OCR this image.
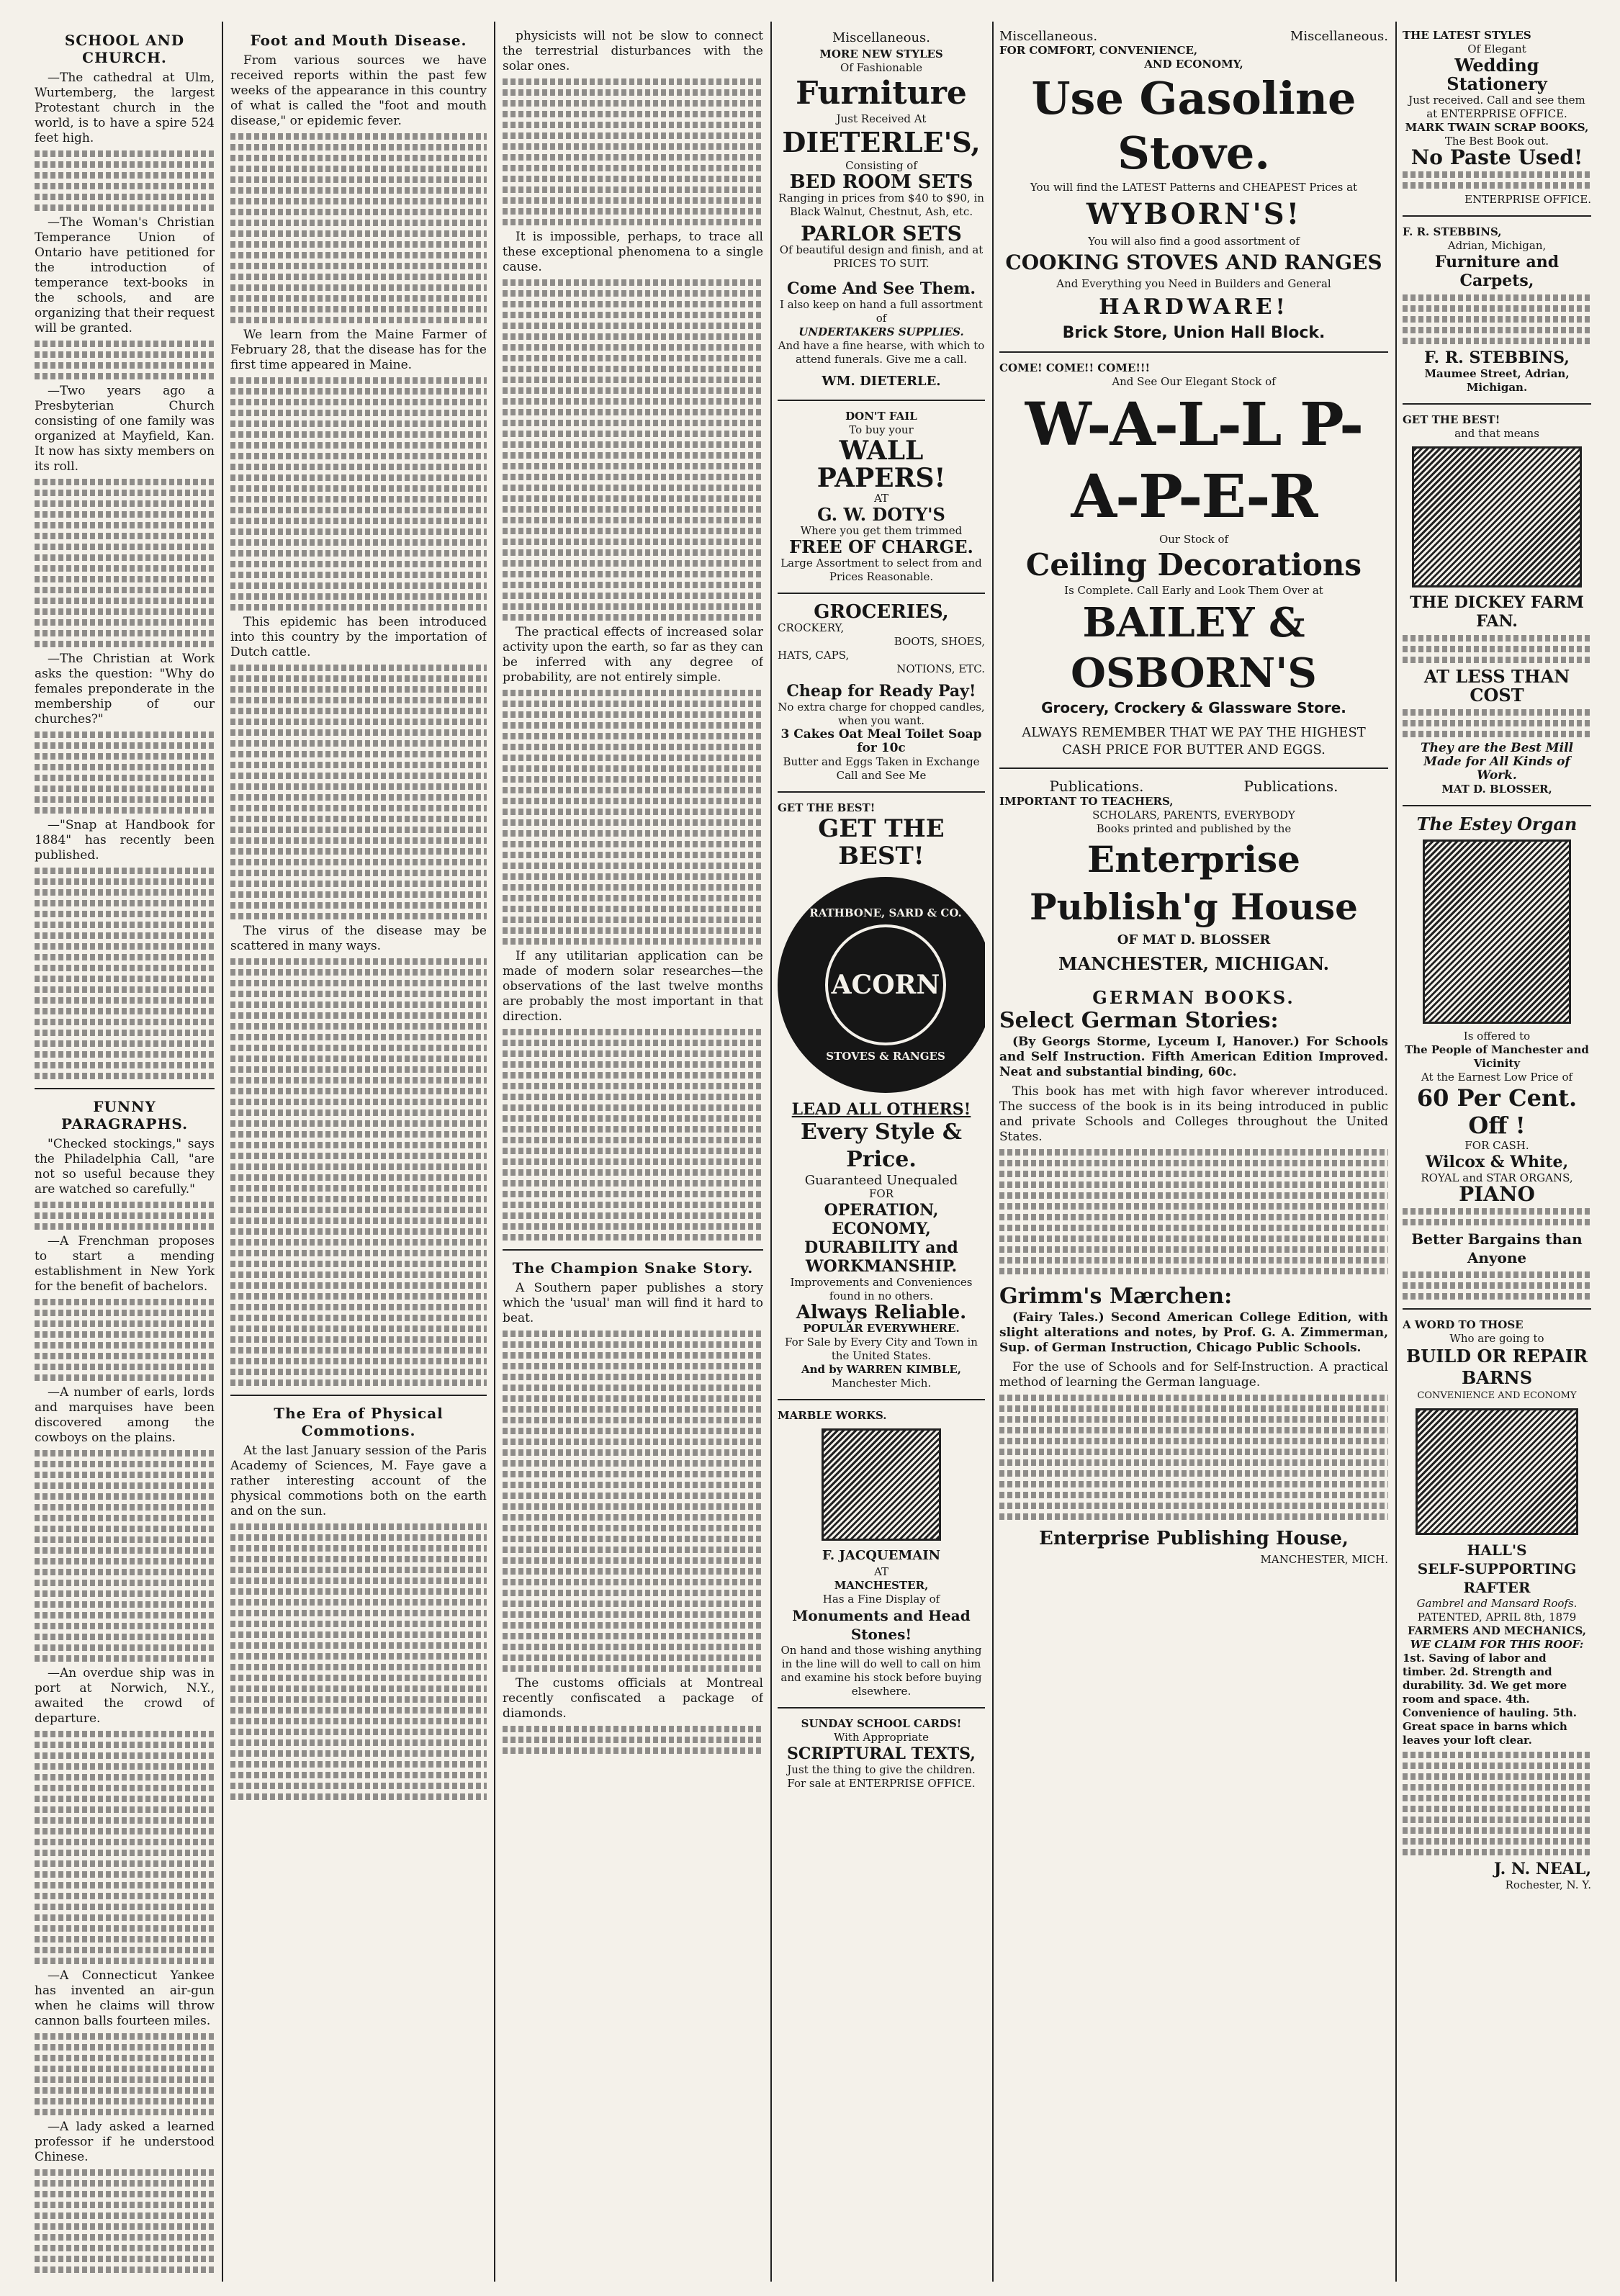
SCHOOL AND CHURCH.

—The cathedral at Ulm, Wurtemberg, the largest Protestant church in the world, is to have a spire 524 feet high.

—The Woman's Christian Temperance Union of Ontario have petitioned for the introduction of temperance text-books in the schools, and are organizing that their request will be granted.

—Two years ago a Presbyterian Church consisting of one family was organized at Mayfield, Kan. It now has sixty members on its roll.

—The Christian at Work asks the question: "Why do females preponderate in the membership of our churches?"

—"Snap at Handbook for 1884" has recently been published.

FUNNY PARAGRAPHS.

"Checked stockings," says the Philadelphia Call, "are not so useful because they are watched so carefully."

—A Frenchman proposes to start a mending establishment in New York for the benefit of bachelors.

—A number of earls, lords and marquises have been discovered among the cowboys on the plains.

—An overdue ship was in port at Norwich, N.Y., awaited the crowd of departure.

—A Connecticut Yankee has invented an air-gun when he claims will throw cannon balls fourteen miles.

—A lady asked a learned professor if he understood Chinese.

Foot and Mouth Disease.

From various sources we have received reports within the past few weeks of the appearance in this country of what is called the "foot and mouth disease," or epidemic fever.

We learn from the Maine Farmer of February 28, that the disease has for the first time appeared in Maine.

This epidemic has been introduced into this country by the importation of Dutch cattle.

The virus of the disease may be scattered in many ways.

The Era of Physical Commotions.

At the last January session of the Paris Academy of Sciences, M. Faye gave a rather interesting account of the physical commotions both on the earth and on the sun.

physicists will not be slow to connect the terrestrial disturbances with the solar ones.

It is impossible, perhaps, to trace all these exceptional phenomena to a single cause.

The practical effects of increased solar activity upon the earth, so far as they can be inferred with any degree of probability, are not entirely simple.

If any utilitarian application can be made of modern solar researches—the observations of the last twelve months are probably the most important in that direction.

The Champion Snake Story.

A Southern paper publishes a story which the 'usual' man will find it hard to beat.

The customs officials at Montreal recently confiscated a package of diamonds.

Miscellaneous.
MORE NEW STYLES
Of Fashionable
Furniture
Just Received At
DIETERLE'S,
Consisting of
BED ROOM SETS
Ranging in prices from $40 to $90, in Black Walnut, Chestnut, Ash, etc.
PARLOR SETS
Of beautiful design and finish, and at PRICES TO SUIT.
Come And See Them.
I also keep on hand a full assortment of
UNDERTAKERS SUPPLIES.
And have a fine hearse, with which to attend funerals. Give me a call.
WM. DIETERLE.
DON'T FAIL
To buy your
WALL PAPERS!
AT
G. W. DOTY'S
Where you get them trimmed
FREE OF CHARGE.
Large Assortment to select from and Prices Reasonable.
GROCERIES,
CROCKERY,
BOOTS, SHOES,
HATS, CAPS,
NOTIONS, ETC.
Cheap for Ready Pay!
No extra charge for chopped candles, when you want.
3 Cakes Oat Meal Toilet Soap for 10c
Butter and Eggs Taken in Exchange
Call and See Me
GET THE BEST!
GET THE BEST!
RATHBONE, SARD & CO.
ACORN
STOVES & RANGES
LEAD ALL OTHERS!
Every Style & Price.
Guaranteed Unequaled
FOR
OPERATION,
ECONOMY,
DURABILITY and
WORKMANSHIP.
Improvements and Conveniences found in no others.
Always Reliable.
POPULAR EVERYWHERE.
For Sale by Every City and Town in the United States.
And by WARREN KIMBLE,
Manchester Mich.
MARBLE WORKS.
F. JACQUEMAIN
AT
MANCHESTER,
Has a Fine Display of
Monuments and Head Stones!
On hand and those wishing anything in the line will do well to call on him and examine his stock before buying elsewhere.
SUNDAY SCHOOL CARDS!
With Appropriate
SCRIPTURAL TEXTS,
Just the thing to give the children. For sale at ENTERPRISE OFFICE.
Miscellaneous.	Miscellaneous.
FOR COMFORT, CONVENIENCE,
AND ECONOMY,
Use Gasoline Stove.
You will find the LATEST Patterns and CHEAPEST Prices at
WYBORN'S!
You will also find a good assortment of
COOKING STOVES AND RANGES
And Everything you Need in Builders and General
HARDWARE!
Brick Store, Union Hall Block.
COME! COME!! COME!!!
And See Our Elegant Stock of
W-A-L-L P-A-P-E-R
Our Stock of
Ceiling Decorations
Is Complete. Call Early and Look Them Over at
BAILEY & OSBORN'S
Grocery, Crockery & Glassware Store.
ALWAYS REMEMBER THAT WE PAY THE HIGHEST CASH PRICE FOR BUTTER AND EGGS.
Publications.	Publications.
IMPORTANT TO TEACHERS,
SCHOLARS, PARENTS, EVERYBODY
Books printed and published by the
Enterprise Publish'g House
OF MAT D. BLOSSER
MANCHESTER, MICHIGAN.
GERMAN BOOKS.
Select German Stories:

(By Georgs Storme, Lyceum I, Hanover.) For Schools and Self Instruction. Fifth American Edition Improved. Neat and substantial binding, 60c.

This book has met with high favor wherever introduced. The success of the book is in its being introduced in public and private Schools and Colleges throughout the United States.

Grimm's Mærchen:

(Fairy Tales.) Second American College Edition, with slight alterations and notes, by Prof. G. A. Zimmerman, Sup. of German Instruction, Chicago Public Schools.

For the use of Schools and for Self-Instruction. A practical method of learning the German language.

Enterprise Publishing House,
MANCHESTER, MICH.
THE LATEST STYLES
Of Elegant
Wedding Stationery
Just received. Call and see them at ENTERPRISE OFFICE.
MARK TWAIN SCRAP BOOKS,
The Best Book out.
No Paste Used!
ENTERPRISE OFFICE.
F. R. STEBBINS,
Adrian, Michigan,
Furniture and Carpets,
F. R. STEBBINS,
Maumee Street, Adrian, Michigan.
GET THE BEST!
and that means
THE DICKEY FARM FAN.
AT LESS THAN COST
They are the Best Mill Made for All Kinds of Work.
MAT D. BLOSSER,
The Estey Organ
Is offered to
The People of Manchester and Vicinity
At the Earnest Low Price of
60 Per Cent. Off !
FOR CASH.
Wilcox & White,
ROYAL and STAR ORGANS,
PIANO
Better Bargains than Anyone
A WORD TO THOSE
Who are going to
BUILD OR REPAIR BARNS
CONVENIENCE AND ECONOMY
HALL'S
SELF-SUPPORTING RAFTER
Gambrel and Mansard Roofs.
PATENTED, APRIL 8th, 1879
FARMERS AND MECHANICS,
WE CLAIM FOR THIS ROOF:
1st. Saving of labor and timber. 2d. Strength and durability. 3d. We get more room and space. 4th. Convenience of hauling. 5th. Great space in barns which leaves your loft clear.
J. N. NEAL,
Rochester, N. Y.
